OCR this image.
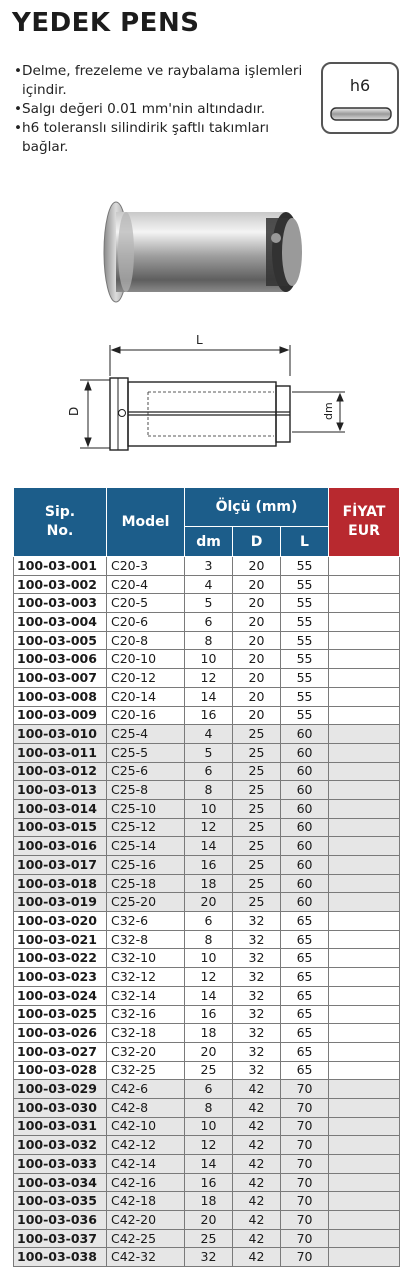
YEDEK PENS
• Delme, frezeleme ve raybalama işlemleri içindir.
• Salgı değeri 0.01 mm'nin altındadır.
• h6 toleranslı silindirik şaftlı takımları bağlar.
h6
L
D	dm
Sip.
No.	Model	Ölçü (mm)			FİYAT
EUR
		dm	D	L	
100-03-001	C20-3	3	20	55	
100-03-002	C20-4	4	20	55	
100-03-003	C20-5	5	20	55	
100-03-004	C20-6	6	20	55	
100-03-005	C20-8	8	20	55	
100-03-006	C20-10	10	20	55	
100-03-007	C20-12	12	20	55	
100-03-008	C20-14	14	20	55	
100-03-009	C20-16	16	20	55	
100-03-010	C25-4	4	25	60	
100-03-011	C25-5	5	25	60	
100-03-012	C25-6	6	25	60	
100-03-013	C25-8	8	25	60	
100-03-014	C25-10	10	25	60	
100-03-015	C25-12	12	25	60	
100-03-016	C25-14	14	25	60	
100-03-017	C25-16	16	25	60	
100-03-018	C25-18	18	25	60	
100-03-019	C25-20	20	25	60	
100-03-020	C32-6	6	32	65	
100-03-021	C32-8	8	32	65	
100-03-022	C32-10	10	32	65	
100-03-023	C32-12	12	32	65	
100-03-024	C32-14	14	32	65	
100-03-025	C32-16	16	32	65	
100-03-026	C32-18	18	32	65	
100-03-027	C32-20	20	32	65	
100-03-028	C32-25	25	32	65	
100-03-029	C42-6	6	42	70	
100-03-030	C42-8	8	42	70	
100-03-031	C42-10	10	42	70	
100-03-032	C42-12	12	42	70	
100-03-033	C42-14	14	42	70	
100-03-034	C42-16	16	42	70	
100-03-035	C42-18	18	42	70	
100-03-036	C42-20	20	42	70	
100-03-037	C42-25	25	42	70	
100-03-038	C42-32	32	42	70	
